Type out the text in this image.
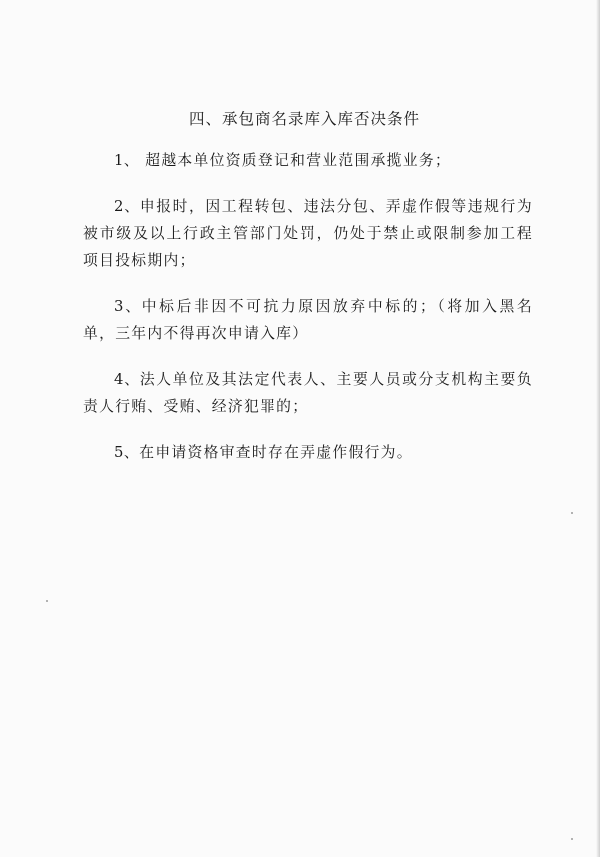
四、承包商名录库入库否决条件

1、 超越本单位资质登记和营业范围承揽业务；

2、申报时，因工程转包、违法分包、弄虚作假等违规行为被市级及以上行政主管部门处罚，仍处于禁止或限制参加工程项目投标期内；

3、中标后非因不可抗力原因放弃中标的；（将加入黑名单，三年内不得再次申请入库）

4、法人单位及其法定代表人、主要人员或分支机构主要负责人行贿、受贿、经济犯罪的；

5、在申请资格审查时存在弄虚作假行为。
